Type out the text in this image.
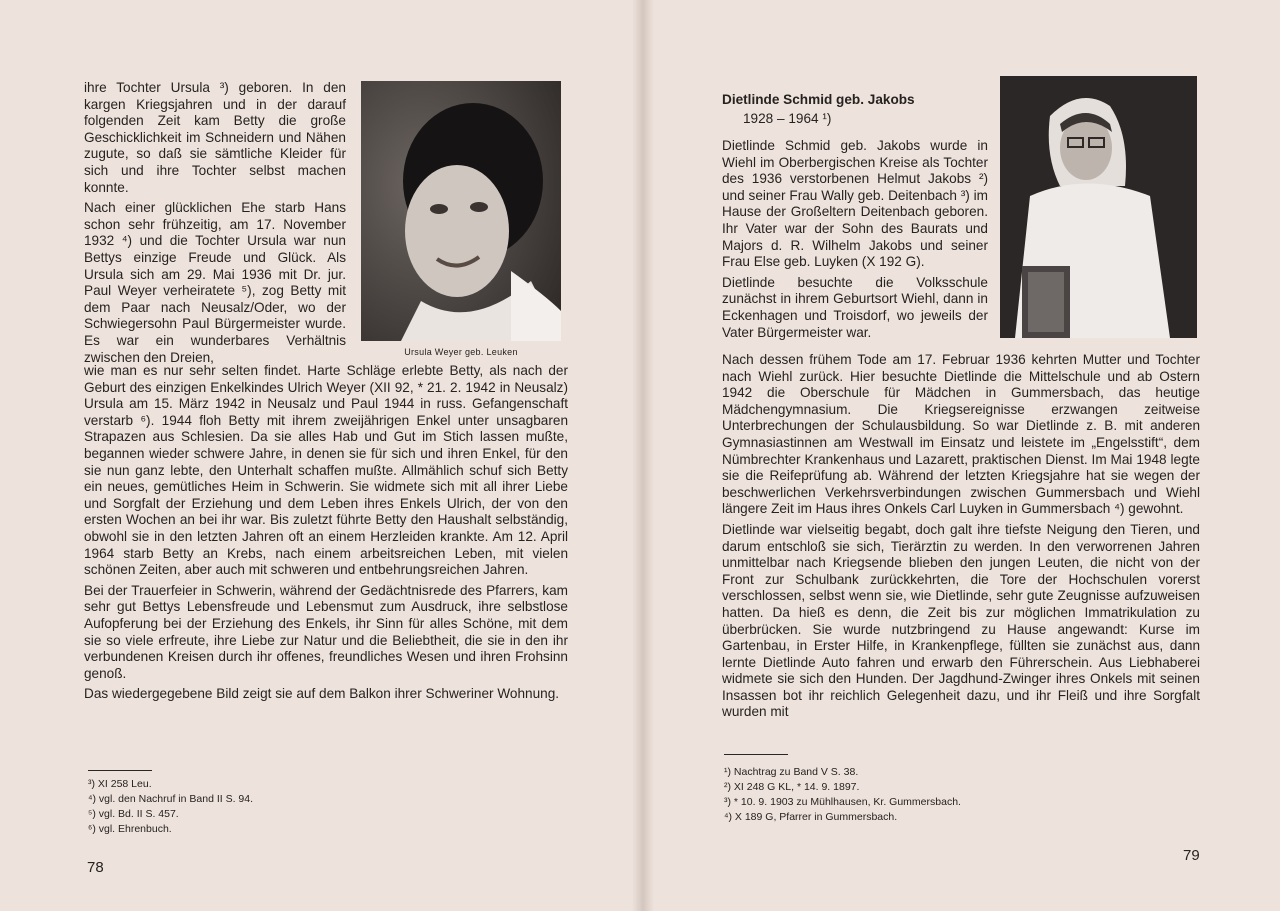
ihre Tochter Ursula ³) geboren. In den kargen Kriegsjahren und in der darauf folgenden Zeit kam Betty die große Geschicklichkeit im Schneidern und Nähen zugute, so daß sie sämtliche Kleider für sich und ihre Tochter selbst machen konnte.

Nach einer glücklichen Ehe starb Hans schon sehr frühzeitig, am 17. November 1932 ⁴) und die Tochter Ursula war nun Bettys einzige Freude und Glück. Als Ursula sich am 29. Mai 1936 mit Dr. jur. Paul Weyer verheiratete ⁵), zog Betty mit dem Paar nach Neusalz/Oder, wo der Schwiegersohn Paul Bürgermeister wurde. Es war ein wunderbares Verhältnis zwischen den Dreien,	Ursula Weyer geb. Leuken

wie man es nur sehr selten findet. Harte Schläge erlebte Betty, als nach der Geburt des einzigen Enkelkindes Ulrich Weyer (XII 92, * 21. 2. 1942 in Neusalz) Ursula am 15. März 1942 in Neusalz und Paul 1944 in russ. Gefangenschaft verstarb ⁶). 1944 floh Betty mit ihrem zweijährigen Enkel unter unsagbaren Strapazen aus Schlesien. Da sie alles Hab und Gut im Stich lassen mußte, begannen wieder schwere Jahre, in denen sie für sich und ihren Enkel, für den sie nun ganz lebte, den Unterhalt schaffen mußte. Allmählich schuf sich Betty ein neues, gemütliches Heim in Schwerin. Sie widmete sich mit all ihrer Liebe und Sorgfalt der Erziehung und dem Leben ihres Enkels Ulrich, der von den ersten Wochen an bei ihr war. Bis zuletzt führte Betty den Haushalt selbständig, obwohl sie in den letzten Jahren oft an einem Herzleiden krankte. Am 12. April 1964 starb Betty an Krebs, nach einem arbeitsreichen Leben, mit vielen schönen Zeiten, aber auch mit schweren und entbehrungsreichen Jahren.

Bei der Trauerfeier in Schwerin, während der Gedächtnisrede des Pfarrers, kam sehr gut Bettys Lebensfreude und Lebensmut zum Ausdruck, ihre selbstlose Aufopferung bei der Erziehung des Enkels, ihr Sinn für alles Schöne, mit dem sie so viele erfreute, ihre Liebe zur Natur und die Beliebtheit, die sie in den ihr verbundenen Kreisen durch ihr offenes, freundliches Wesen und ihren Frohsinn genoß.

Das wiedergegebene Bild zeigt sie auf dem Balkon ihrer Schweriner Wohnung.

³) XI 258 Leu.
⁴) vgl. den Nachruf in Band II S. 94.
⁵) vgl. Bd. II S. 457.
⁶) vgl. Ehrenbuch.
78
Dietlinde Schmid geb. Jakobs
1928 – 1964 ¹)

Dietlinde Schmid geb. Jakobs wurde in Wiehl im Oberbergischen Kreise als Tochter des 1936 verstorbenen Helmut Jakobs ²) und seiner Frau Wally geb. Deitenbach ³) im Hause der Großeltern Deitenbach geboren. Ihr Vater war der Sohn des Baurats und Majors d. R. Wilhelm Jakobs und seiner Frau Else geb. Luyken (X 192 G).

Dietlinde besuchte die Volksschule zunächst in ihrem Geburtsort Wiehl, dann in Eckenhagen und Troisdorf, wo jeweils der Vater Bürgermeister war.

Nach dessen frühem Tode am 17. Februar 1936 kehrten Mutter und Tochter nach Wiehl zurück. Hier besuchte Dietlinde die Mittelschule und ab Ostern 1942 die Oberschule für Mädchen in Gummersbach, das heutige Mädchengymnasium. Die Kriegsereignisse erzwangen zeitweise Unterbrechungen der Schulausbildung. So war Dietlinde z. B. mit anderen Gymnasiastinnen am Westwall im Einsatz und leistete im „Engelsstift“, dem Nümbrechter Krankenhaus und Lazarett, praktischen Dienst. Im Mai 1948 legte sie die Reifeprüfung ab. Während der letzten Kriegsjahre hat sie wegen der beschwerlichen Verkehrsverbindungen zwischen Gummersbach und Wiehl längere Zeit im Haus ihres Onkels Carl Luyken in Gummersbach ⁴) gewohnt.

Dietlinde war vielseitig begabt, doch galt ihre tiefste Neigung den Tieren, und darum entschloß sie sich, Tierärztin zu werden. In den verworrenen Jahren unmittelbar nach Kriegsende blieben den jungen Leuten, die nicht von der Front zur Schulbank zurückkehrten, die Tore der Hochschulen vorerst verschlossen, selbst wenn sie, wie Dietlinde, sehr gute Zeugnisse aufzuweisen hatten. Da hieß es denn, die Zeit bis zur möglichen Immatrikulation zu überbrücken. Sie wurde nutzbringend zu Hause angewandt: Kurse im Gartenbau, in Erster Hilfe, in Krankenpflege, füllten sie zunächst aus, dann lernte Dietlinde Auto fahren und erwarb den Führerschein. Aus Liebhaberei widmete sie sich den Hunden. Der Jagdhund-Zwinger ihres Onkels mit seinen Insassen bot ihr reichlich Gelegenheit dazu, und ihr Fleiß und ihre Sorgfalt wurden mit

¹) Nachtrag zu Band V S. 38.
²) XI 248 G KL, * 14. 9. 1897.
³) * 10. 9. 1903 zu Mühlhausen, Kr. Gummersbach.
⁴) X 189 G, Pfarrer in Gummersbach.
79
